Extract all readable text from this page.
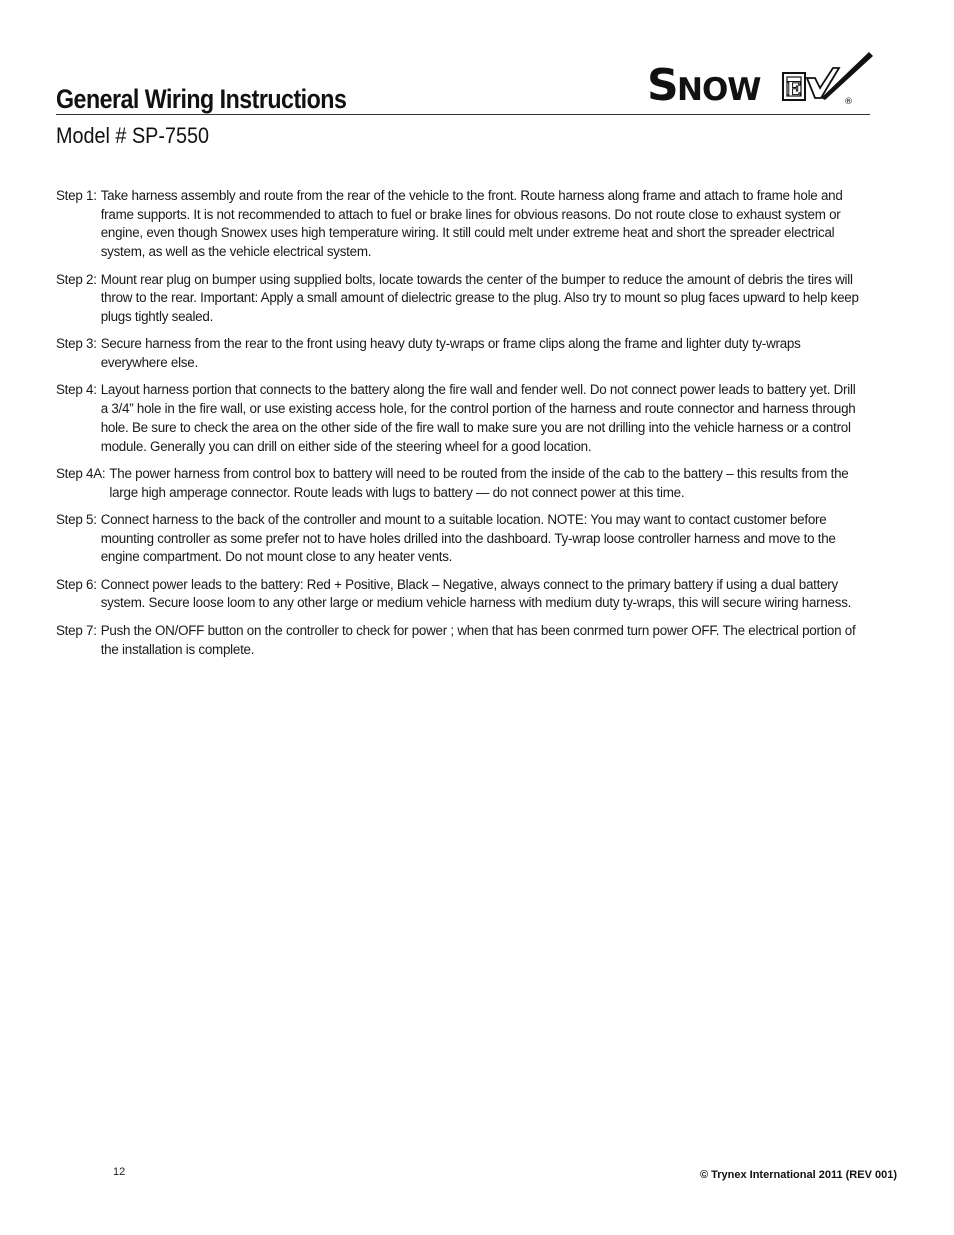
General Wiring Instructions	S
NOW E
®
Model # SP-7550
Step 1: Take harness assembly and route from the rear of the vehicle to the front. Route harness along frame and attach to frame hole and frame supports. It is not recommended to attach to fuel or brake lines for obvious reasons. Do not route close to exhaust system or engine, even though Snowex uses high temperature wiring. It still could melt under extreme heat and short the spreader electrical system, as well as the vehicle electrical system.
Step 2: Mount rear plug on bumper using supplied bolts, locate towards the center of the bumper to reduce the amount of debris the tires will throw to the rear. Important: Apply a small amount of dielectric grease to the plug. Also try to mount so plug faces upward to help keep plugs tightly sealed.
Step 3: Secure harness from the rear to the front using heavy duty ty-wraps or frame clips along the frame and lighter duty ty-wraps everywhere else.
Step 4: Layout harness portion that connects to the battery along the fire wall and fender well. Do not connect power leads to battery yet. Drill a 3/4” hole in the fire wall, or use existing access hole, for the control portion of the harness and route connector and harness through hole. Be sure to check the area on the other side of the fire wall to make sure you are not drilling into the vehicle harness or a control module. Generally you can drill on either side of the steering wheel for a good location.
Step 4A: The power harness from control box to battery will need to be routed from the inside of the cab to the battery – this results from the large high amperage connector. Route leads with lugs to battery — do not connect power at this time.
Step 5: Connect harness to the back of the controller and mount to a suitable location. NOTE: You may want to contact customer before mounting controller as some prefer not to have holes drilled into the dashboard. Ty-wrap loose controller harness and move to the engine compartment. Do not mount close to any heater vents.
Step 6: Connect power leads to the battery: Red + Positive, Black – Negative, always connect to the primary battery if using a dual battery system. Secure loose loom to any other large or medium vehicle harness with medium duty ty-wraps, this will secure wiring harness.
Step 7: Push the ON/OFF button on the controller to check for power ; when that has been conrmed turn power OFF. The electrical portion of the installation is complete.
12	© Trynex International 2011 (REV 001)
